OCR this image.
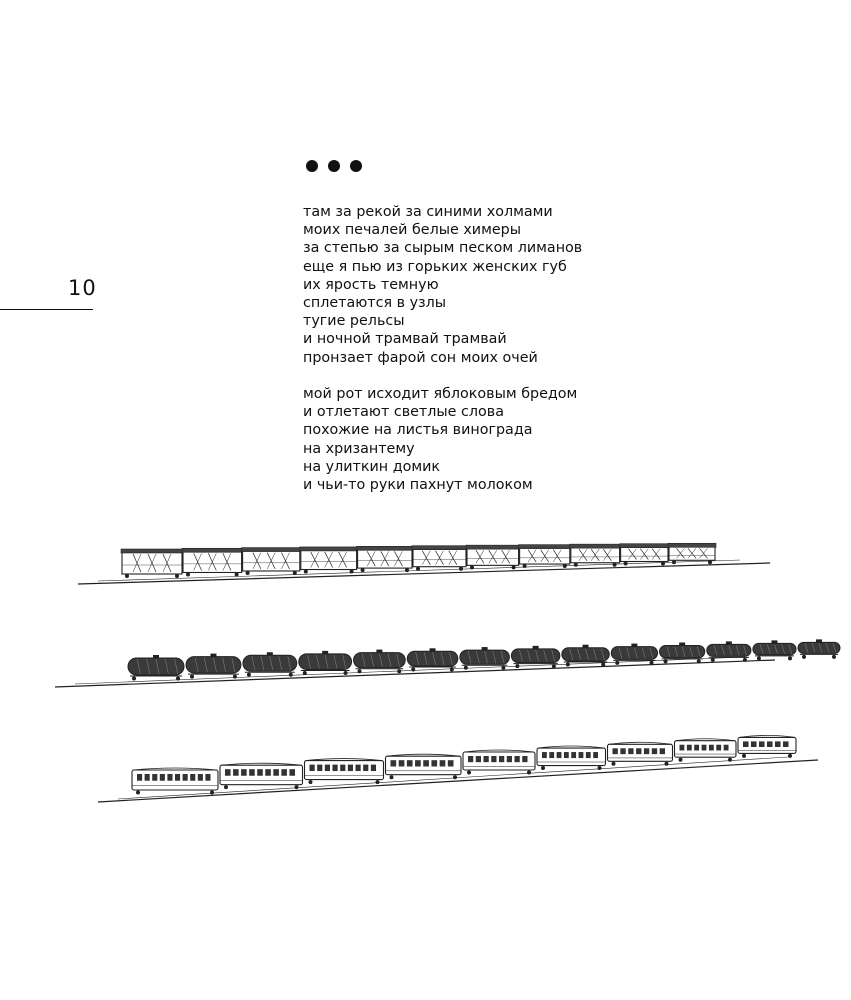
10
там за рекой за синими холмами
моих печалей белые химеры
за степью за сырым песком лиманов
еще я пью из горьких женских губ
их ярость темную
сплетаются в узлы
тугие рельсы
и ночной трамвай трамвай
пронзает фарой сон моих очей
мой рот исходит яблоковым бредом
и отлетают светлые слова
похожие на листья винограда
на хризантему
на улиткин домик
и чьи-то руки пахнут молоком
